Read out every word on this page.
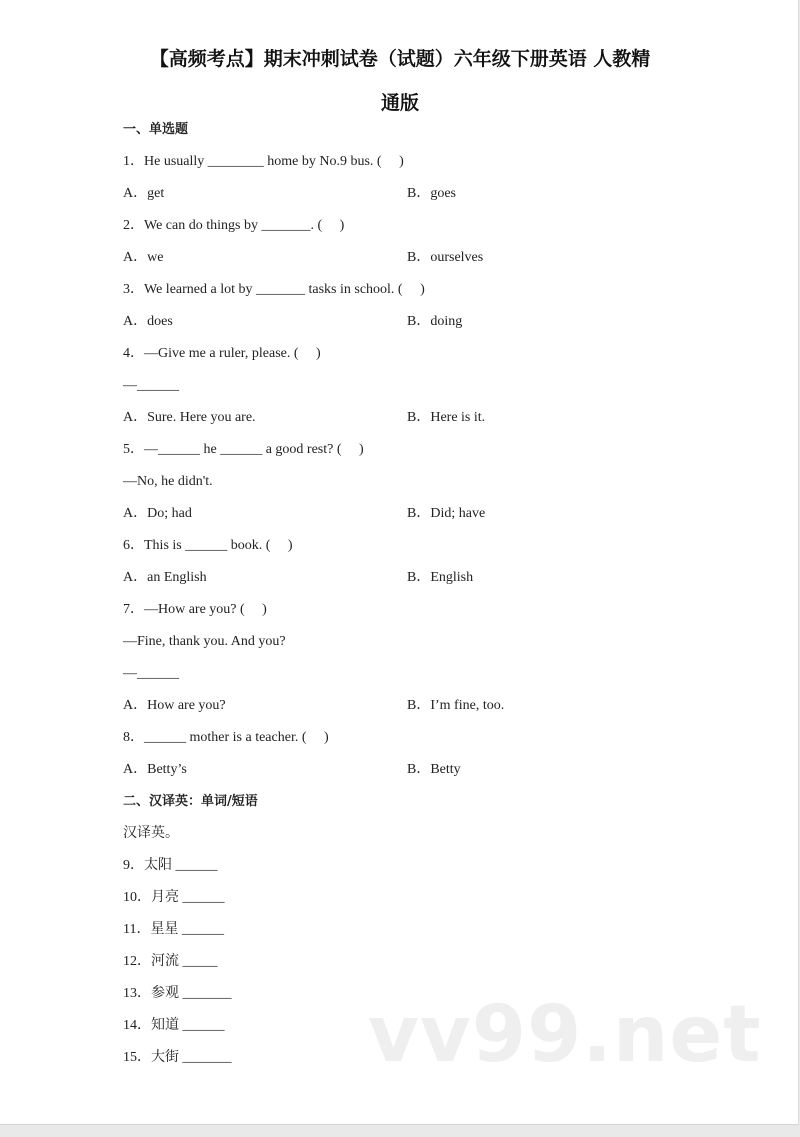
【高频考点】期末冲刺试卷（试题）六年级下册英语 人教精
通版
一、单选题
1．He usually ________ home by No.9 bus. (     )
A．get	B．goes
2．We can do things by _______. (     )
A．we	B．ourselves
3．We learned a lot by _______ tasks in school. (     )
A．does	B．doing
4．—Give me a ruler, please. (     )
—______
A．Sure. Here you are.	B．Here is it.
5．—______ he ______ a good rest? (     )
—No, he didn't.
A．Do; had	B．Did; have
6．This is ______ book. (     )
A．an English	B．English
7．—How are you? (     )
—Fine, thank you. And you?
—______
A．How are you?	B．I’m fine, too.
8．______ mother is a teacher. (     )
A．Betty’s	B．Betty
二、汉译英：单词/短语
汉译英。
9．太阳 ______
10．月亮 ______
11．星星 ______
12．河流 _____
13．参观 _______
14．知道 ______
15．大街 _______	vv99.net
